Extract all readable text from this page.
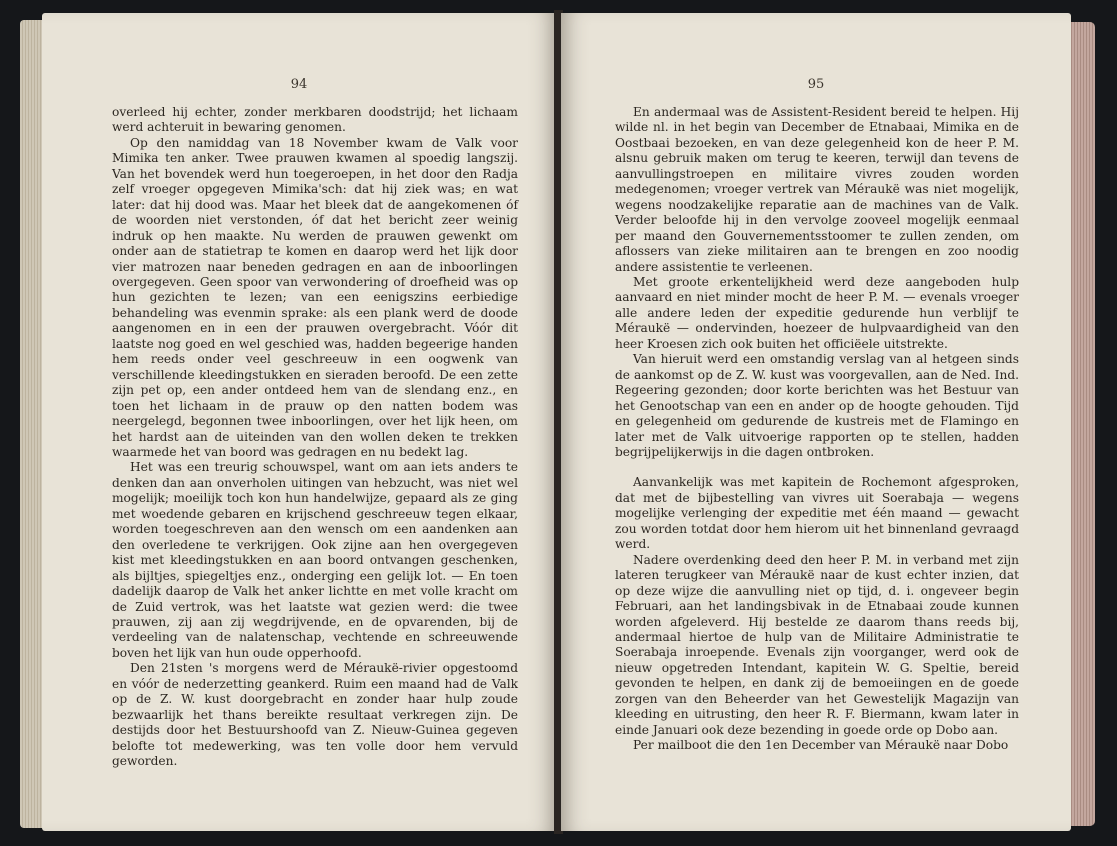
94

overleed hij echter, zonder merkbaren doodstrijd; het lichaam werd achteruit in bewaring genomen.

Op den namiddag van 18 November kwam de Valk voor Mimika ten anker. Twee prauwen kwamen al spoedig langszij. Van het bovendek werd hun toegeroepen, in het door den Radja zelf vroeger opgegeven Mimika'sch: dat hij ziek was; en wat later: dat hij dood was. Maar het bleek dat de aangekomenen óf de woorden niet verstonden, óf dat het bericht zeer weinig indruk op hen maakte. Nu werden de prauwen gewenkt om onder aan de statietrap te komen en daarop werd het lijk door vier matrozen naar beneden gedragen en aan de inboorlingen overgegeven. Geen spoor van verwondering of droefheid was op hun gezichten te lezen; van een eenigszins eerbiedige behandeling was evenmin sprake: als een plank werd de doode aangenomen en in een der prauwen overgebracht. Vóór dit laatste nog goed en wel geschied was, hadden begeerige handen hem reeds onder veel geschreeuw in een oogwenk van verschillende kleedingstukken en sieraden beroofd. De een zette zijn pet op, een ander ontdeed hem van de slendang enz., en toen het lichaam in de prauw op den natten bodem was neergelegd, begonnen twee inboorlingen, over het lijk heen, om het hardst aan de uiteinden van den wollen deken te trekken waarmede het van boord was gedragen en nu bedekt lag.

Het was een treurig schouwspel, want om aan iets anders te denken dan aan onverholen uitingen van hebzucht, was niet wel mogelijk; moeilijk toch kon hun handelwijze, gepaard als ze ging met woedende gebaren en krijschend geschreeuw tegen elkaar, worden toegeschreven aan den wensch om een aandenken aan den overledene te verkrijgen. Ook zijne aan hen overgegeven kist met kleedingstukken en aan boord ontvangen geschenken, als bijltjes, spiegeltjes enz., onderging een gelijk lot. — En toen dadelijk daarop de Valk het anker lichtte en met volle kracht om de Zuid vertrok, was het laatste wat gezien werd: die twee prauwen, zij aan zij wegdrijvende, en de opvarenden, bij de verdeeling van de nalatenschap, vechtende en schreeuwende boven het lijk van hun oude opperhoofd.

Den 21sten 's morgens werd de Méraukë-rivier opgestoomd en vóór de nederzetting geankerd. Ruim een maand had de Valk op de Z. W. kust doorgebracht en zonder haar hulp zoude bezwaarlijk het thans bereikte resultaat verkregen zijn. De destijds door het Bestuurshoofd van Z. Nieuw-Guinea gegeven belofte tot medewerking, was ten volle door hem vervuld geworden.

95

En andermaal was de Assistent-Resident bereid te helpen. Hij wilde nl. in het begin van December de Etnabaai, Mimika en de Oostbaai bezoeken, en van deze gelegenheid kon de heer P. M. alsnu gebruik maken om terug te keeren, terwijl dan tevens de aanvullingstroepen en militaire vivres zouden worden medegenomen; vroeger vertrek van Méraukë was niet mogelijk, wegens noodzakelijke reparatie aan de machines van de Valk. Verder beloofde hij in den vervolge zooveel mogelijk eenmaal per maand den Gouvernementsstoomer te zullen zenden, om aflossers van zieke militairen aan te brengen en zoo noodig andere assistentie te verleenen.

Met groote erkentelijkheid werd deze aangeboden hulp aanvaard en niet minder mocht de heer P. M. — evenals vroeger alle andere leden der expeditie gedurende hun verblijf te Méraukë — ondervinden, hoezeer de hulpvaardigheid van den heer Kroesen zich ook buiten het officiëele uitstrekte.

Van hieruit werd een omstandig verslag van al hetgeen sinds de aankomst op de Z. W. kust was voorgevallen, aan de Ned. Ind. Regeering gezonden; door korte berichten was het Bestuur van het Genootschap van een en ander op de hoogte gehouden. Tijd en gelegenheid om gedurende de kustreis met de Flamingo en later met de Valk uitvoerige rapporten op te stellen, hadden begrijpelijkerwijs in die dagen ontbroken.

Aanvankelijk was met kapitein de Rochemont afgesproken, dat met de bijbestelling van vivres uit Soerabaja — wegens mogelijke verlenging der expeditie met één maand — gewacht zou worden totdat door hem hierom uit het binnenland gevraagd werd.

Nadere overdenking deed den heer P. M. in verband met zijn lateren terugkeer van Méraukë naar de kust echter inzien, dat op deze wijze die aanvulling niet op tijd, d. i. ongeveer begin Februari, aan het landingsbivak in de Etnabaai zoude kunnen worden afgeleverd. Hij bestelde ze daarom thans reeds bij, andermaal hiertoe de hulp van de Militaire Administratie te Soerabaja inroepende. Evenals zijn voorganger, werd ook de nieuw opgetreden Intendant, kapitein W. G. Speltie, bereid gevonden te helpen, en dank zij de bemoeiingen en de goede zorgen van den Beheerder van het Gewestelijk Magazijn van kleeding en uitrusting, den heer R. F. Biermann, kwam later in einde Januari ook deze bezending in goede orde op Dobo aan.

Per mailboot die den 1en December van Méraukë naar Dobo
